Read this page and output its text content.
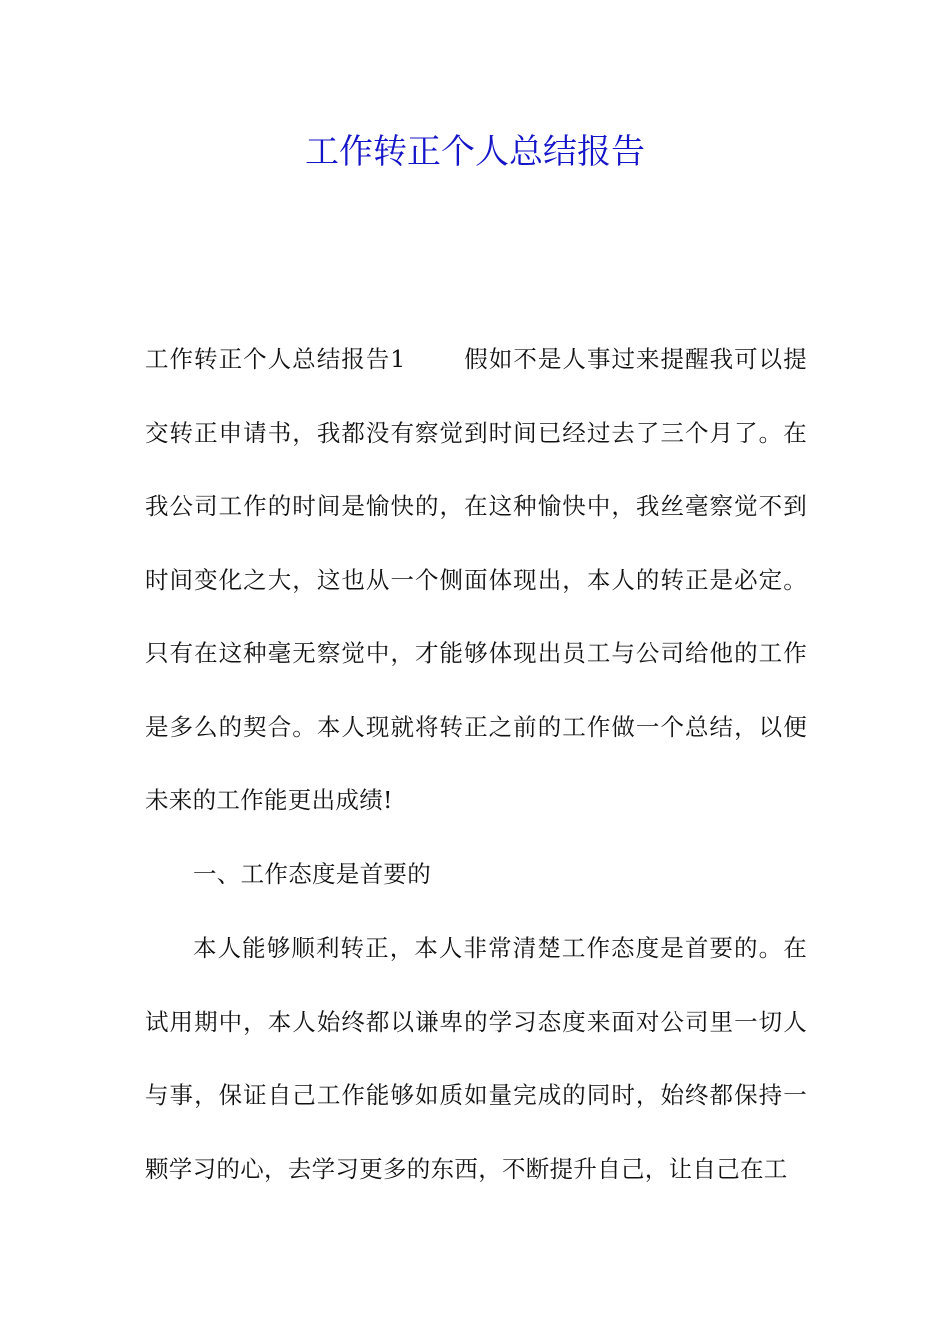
工作转正个人总结报告

工作转正个人总结报告1 假如不是人事过来提醒我可以提交转正申请书，我都没有察觉到时间已经过去了三个月了。在我公司工作的时间是愉快的，在这种愉快中，我丝毫察觉不到时间变化之大，这也从一个侧面体现出，本人的转正是必定。只有在这种毫无察觉中，才能够体现出员工与公司给他的工作是多么的契合。本人现就将转正之前的工作做一个总结，以便未来的工作能更出成绩!

一、工作态度是首要的

本人能够顺利转正，本人非常清楚工作态度是首要的。在试用期中，本人始终都以谦卑的学习态度来面对公司里一切人与事，保证自己工作能够如质如量完成的同时，始终都保持一颗学习的心，去学习更多的东西，不断提升自己，让自己在工
